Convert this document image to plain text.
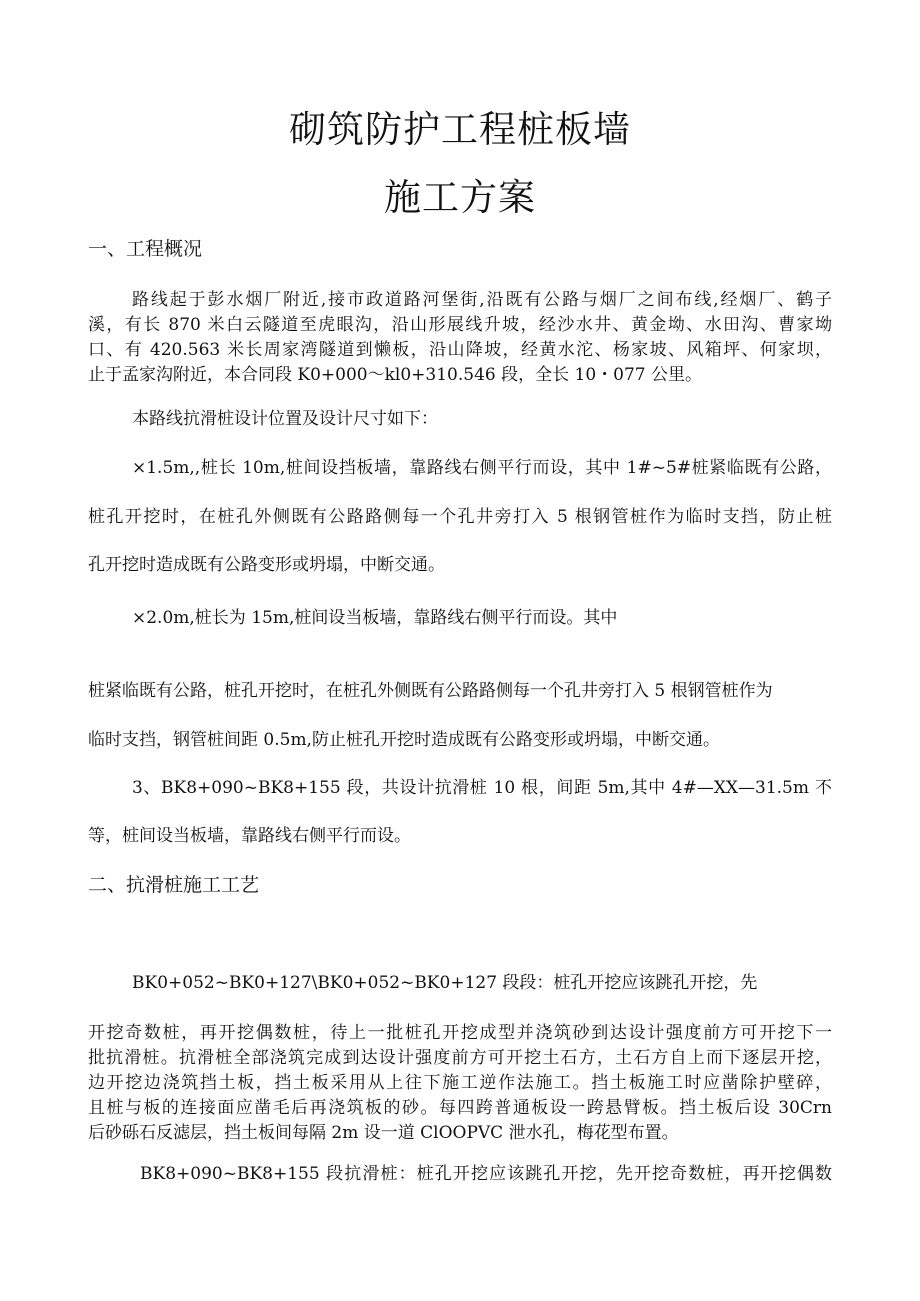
砌筑防护工程桩板墙
施工方案
一、工程概况

路线起于彭水烟厂附近,接市政道路河堡街,沿既有公路与烟厂之间布线,经烟厂、鹤子

溪，有长 870 米白云隧道至虎眼沟，沿山形展线升坡，经沙水井、黄金坳、水田沟、曹家坳

口、有 420.563 米长周家湾隧道到懒板，沿山降坡，经黄水沱、杨家坡、风箱坪、何家坝，

止于孟家沟附近，本合同段 K0+000～kl0+310.546 段，全长 10・077 公里。

本路线抗滑桩设计位置及设计尺寸如下：

×1.5m,,桩长 10m,桩间设挡板墙，靠路线右侧平行而设，其中 1#~5#桩紧临既有公路，

桩孔开挖时，在桩孔外侧既有公路路侧每一个孔井旁打入 5 根钢管桩作为临时支挡，防止桩

孔开挖时造成既有公路变形或坍塌，中断交通。

×2.0m,桩长为 15m,桩间设当板墙，靠路线右侧平行而设。其中

桩紧临既有公路，桩孔开挖时，在桩孔外侧既有公路路侧每一个孔井旁打入 5 根钢管桩作为

临时支挡，钢管桩间距 0.5m,防止桩孔开挖时造成既有公路变形或坍塌，中断交通。

3、BK8+090~BK8+155 段，共设计抗滑桩 10 根，间距 5m,其中 4#—XX—31.5m 不

等，桩间设当板墙，靠路线右侧平行而设。

二、抗滑桩施工工艺

BK0+052~BK0+127\BK0+052~BK0+127 段段：桩孔开挖应该跳孔开挖，先

开挖奇数桩，再开挖偶数桩，待上一批桩孔开挖成型并浇筑砂到达设计强度前方可开挖下一

批抗滑桩。抗滑桩全部浇筑完成到达设计强度前方可开挖土石方，土石方自上而下逐层开挖，

边开挖边浇筑挡土板，挡土板采用从上往下施工逆作法施工。挡土板施工时应凿除护壁碎，

且桩与板的连接面应凿毛后再浇筑板的砂。每四跨普通板设一跨悬臂板。挡土板后设 30Crn

后砂砾石反滤层，挡土板间每隔 2m 设一道 ClOOPVC 泄水孔，梅花型布置。

BK8+090~BK8+155 段抗滑桩：桩孔开挖应该跳孔开挖，先开挖奇数桩，再开挖偶数
